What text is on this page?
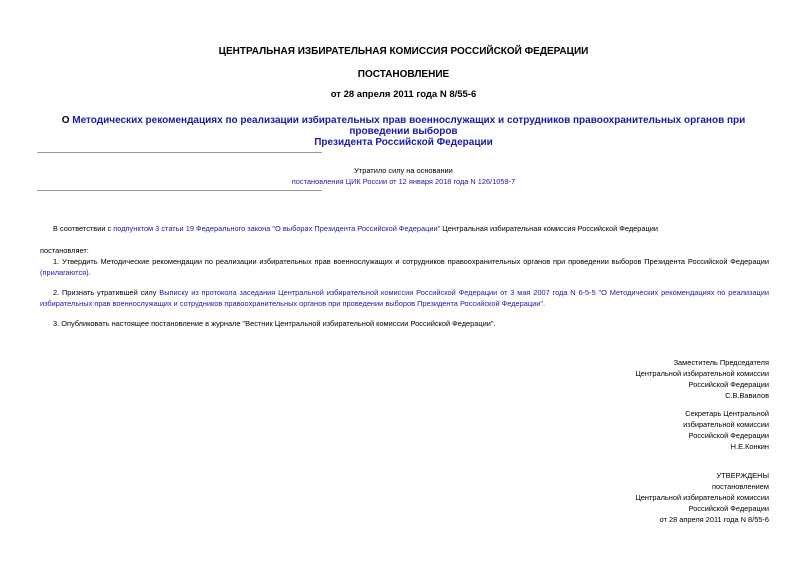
ЦЕНТРАЛЬНАЯ ИЗБИРАТЕЛЬНАЯ КОМИССИЯ РОССИЙСКОЙ ФЕДЕРАЦИИ
ПОСТАНОВЛЕНИЕ
от 28 апреля 2011 года N 8/55-6
О Методических рекомендациях по реализации избирательных прав военнослужащих и сотрудников правоохранительных органов при проведении выборов
Президента Российской Федерации
Утратило силу на основании
постановления ЦИК России от 12 января 2018 года N 126/1059-7
В соответствии с подпунктом 3 статьи 19 Федерального закона "О выборах Президента Российской Федерации" Центральная избирательная комиссия Российской Федерации
постановляет:
1. Утвердить Методические рекомендации по реализации избирательных прав военнослужащих и сотрудников правоохранительных органов при проведении выборов Президента Российской Федерации (прилагаются).
2. Признать утратившей силу Выписку из протокола заседания Центральной избирательной комиссии Российской Федерации от 3 мая 2007 года N 6-5-5 "О Методических рекомендациях по реализации избирательных прав военнослужащих и сотрудников правоохранительных органов при проведении выборов Президента Российской Федерации".
3. Опубликовать настоящее постановление в журнале "Вестник Центральной избирательной комиссии Российской Федерации".
Заместитель Председателя
Центральной избирательной комиссии
Российской Федерации
С.В.Вавилов
Секретарь Центральной
избирательной комиссии
Российской Федерации
Н.Е.Конкин
УТВЕРЖДЕНЫ
постановлением
Центральной избирательной комиссии
Российской Федерации
от 28 апреля 2011 года N 8/55-6
